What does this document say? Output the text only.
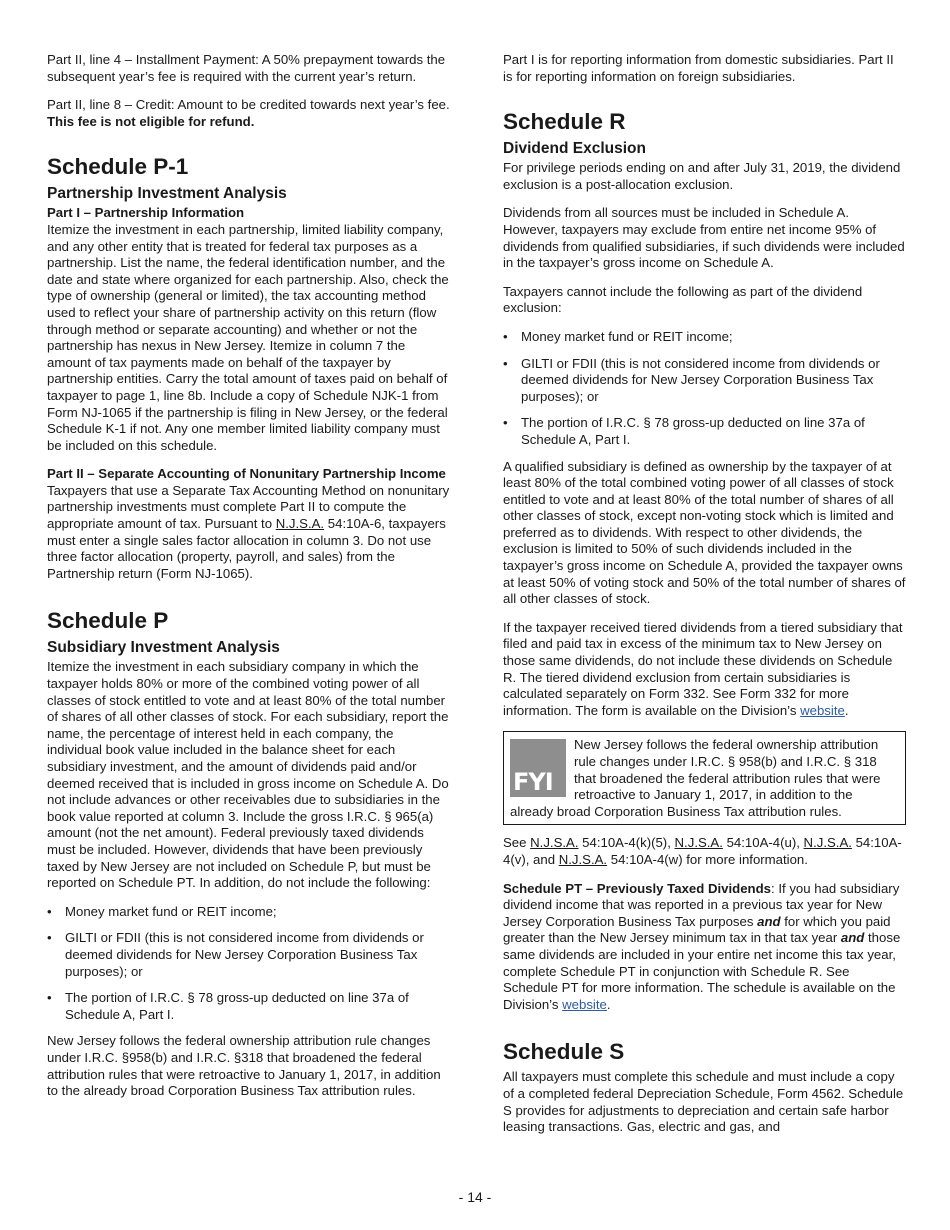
Part II, line 4 – Installment Payment: A 50% prepayment towards the subsequent year’s fee is required with the current year’s return.

Part II, line 8 – Credit: Amount to be credited towards next year’s fee. This fee is not eligible for refund.

Schedule P-1
Partnership Investment Analysis
Part I – Partnership Information

Itemize the investment in each partnership, limited liability company, and any other entity that is treated for federal tax purposes as a partnership. List the name, the federal identification number, and the date and state where organized for each partnership. Also, check the type of ownership (general or limited), the tax accounting method used to reflect your share of partnership activity on this return (flow through method or separate accounting) and whether or not the partnership has nexus in New Jersey. Itemize in column 7 the amount of tax payments made on behalf of the taxpayer by partnership entities. Carry the total amount of taxes paid on behalf of taxpayer to page 1, line 8b. Include a copy of Schedule NJK-1 from Form NJ-1065 if the partnership is filing in New Jersey, or the federal Schedule K-1 if not. Any one member limited liability company must be included on this schedule.

Part II – Separate Accounting of Nonunitary Partnership Income

Taxpayers that use a Separate Tax Accounting Method on nonunitary partnership investments must complete Part II to compute the appropriate amount of tax. Pursuant to N.J.S.A. 54:10A-6, taxpayers must enter a single sales factor allocation in column 3. Do not use three factor allocation (property, payroll, and sales) from the Partnership return (Form NJ-1065).

Schedule P
Subsidiary Investment Analysis

Itemize the investment in each subsidiary company in which the taxpayer holds 80% or more of the combined voting power of all classes of stock entitled to vote and at least 80% of the total number of shares of all other classes of stock. For each subsidiary, report the name, the percentage of interest held in each company, the individual book value included in the balance sheet for each subsidiary investment, and the amount of dividends paid and/or deemed received that is included in gross income on Schedule A. Do not include advances or other receivables due to subsidiaries in the book value reported at column 3. Include the gross I.R.C. § 965(a) amount (not the net amount). Federal previously taxed dividends must be included. However, dividends that have been previously taxed by New Jersey are not included on Schedule P, but must be reported on Schedule PT. In addition, do not include the following:

• Money market fund or REIT income;
• GILTI or FDII (this is not considered income from dividends or deemed dividends for New Jersey Corporation Business Tax purposes); or
• The portion of I.R.C. § 78 gross-up deducted on line 37a of Schedule A, Part I.

New Jersey follows the federal ownership attribution rule changes under I.R.C. §958(b) and I.R.C. §318 that broadened the federal attribution rules that were retroactive to January 1, 2017, in addition to the already broad Corporation Business Tax attribution rules.

Part I is for reporting information from domestic subsidiaries. Part II is for reporting information on foreign subsidiaries.

Schedule R
Dividend Exclusion

For privilege periods ending on and after July 31, 2019, the dividend exclusion is a post-allocation exclusion.

Dividends from all sources must be included in Schedule A. However, taxpayers may exclude from entire net income 95% of dividends from qualified subsidiaries, if such dividends were included in the taxpayer’s gross income on Schedule A.

Taxpayers cannot include the following as part of the dividend exclusion:

• Money market fund or REIT income;
• GILTI or FDII (this is not considered income from dividends or deemed dividends for New Jersey Corporation Business Tax purposes); or
• The portion of I.R.C. § 78 gross-up deducted on line 37a of Schedule A, Part I.

A qualified subsidiary is defined as ownership by the taxpayer of at least 80% of the total combined voting power of all classes of stock entitled to vote and at least 80% of the total number of shares of all other classes of stock, except non-voting stock which is limited and preferred as to dividends. With respect to other dividends, the exclusion is limited to 50% of such dividends included in the taxpayer’s gross income on Schedule A, provided the taxpayer owns at least 50% of voting stock and 50% of the total number of shares of all other classes of stock.

If the taxpayer received tiered dividends from a tiered subsidiary that filed and paid tax in excess of the minimum tax to New Jersey on those same dividends, do not include these dividends on Schedule R. The tiered dividend exclusion from certain subsidiaries is calculated separately on Form 332. See Form 332 for more information. The form is available on the Division’s website.

FYI
New Jersey follows the federal ownership attribution rule changes under I.R.C. § 958(b) and I.R.C. § 318 that broadened the federal attribution rules that were retroactive to January 1, 2017, in addition to the already broad Corporation Business Tax attribution rules.

See N.J.S.A. 54:10A-4(k)(5), N.J.S.A. 54:10A-4(u), N.J.S.A. 54:10A-4(v), and N.J.S.A. 54:10A-4(w) for more information.

Schedule PT – Previously Taxed Dividends: If you had subsidiary dividend income that was reported in a previous tax year for New Jersey Corporation Business Tax purposes and for which you paid greater than the New Jersey minimum tax in that tax year and those same dividends are included in your entire net income this tax year, complete Schedule PT in conjunction with Schedule R. See Schedule PT for more information. The schedule is available on the Division’s website.

Schedule S

All taxpayers must complete this schedule and must include a copy of a completed federal Depreciation Schedule, Form 4562. Schedule S provides for adjustments to depreciation and certain safe harbor leasing transactions. Gas, electric and gas, and

- 14 -
